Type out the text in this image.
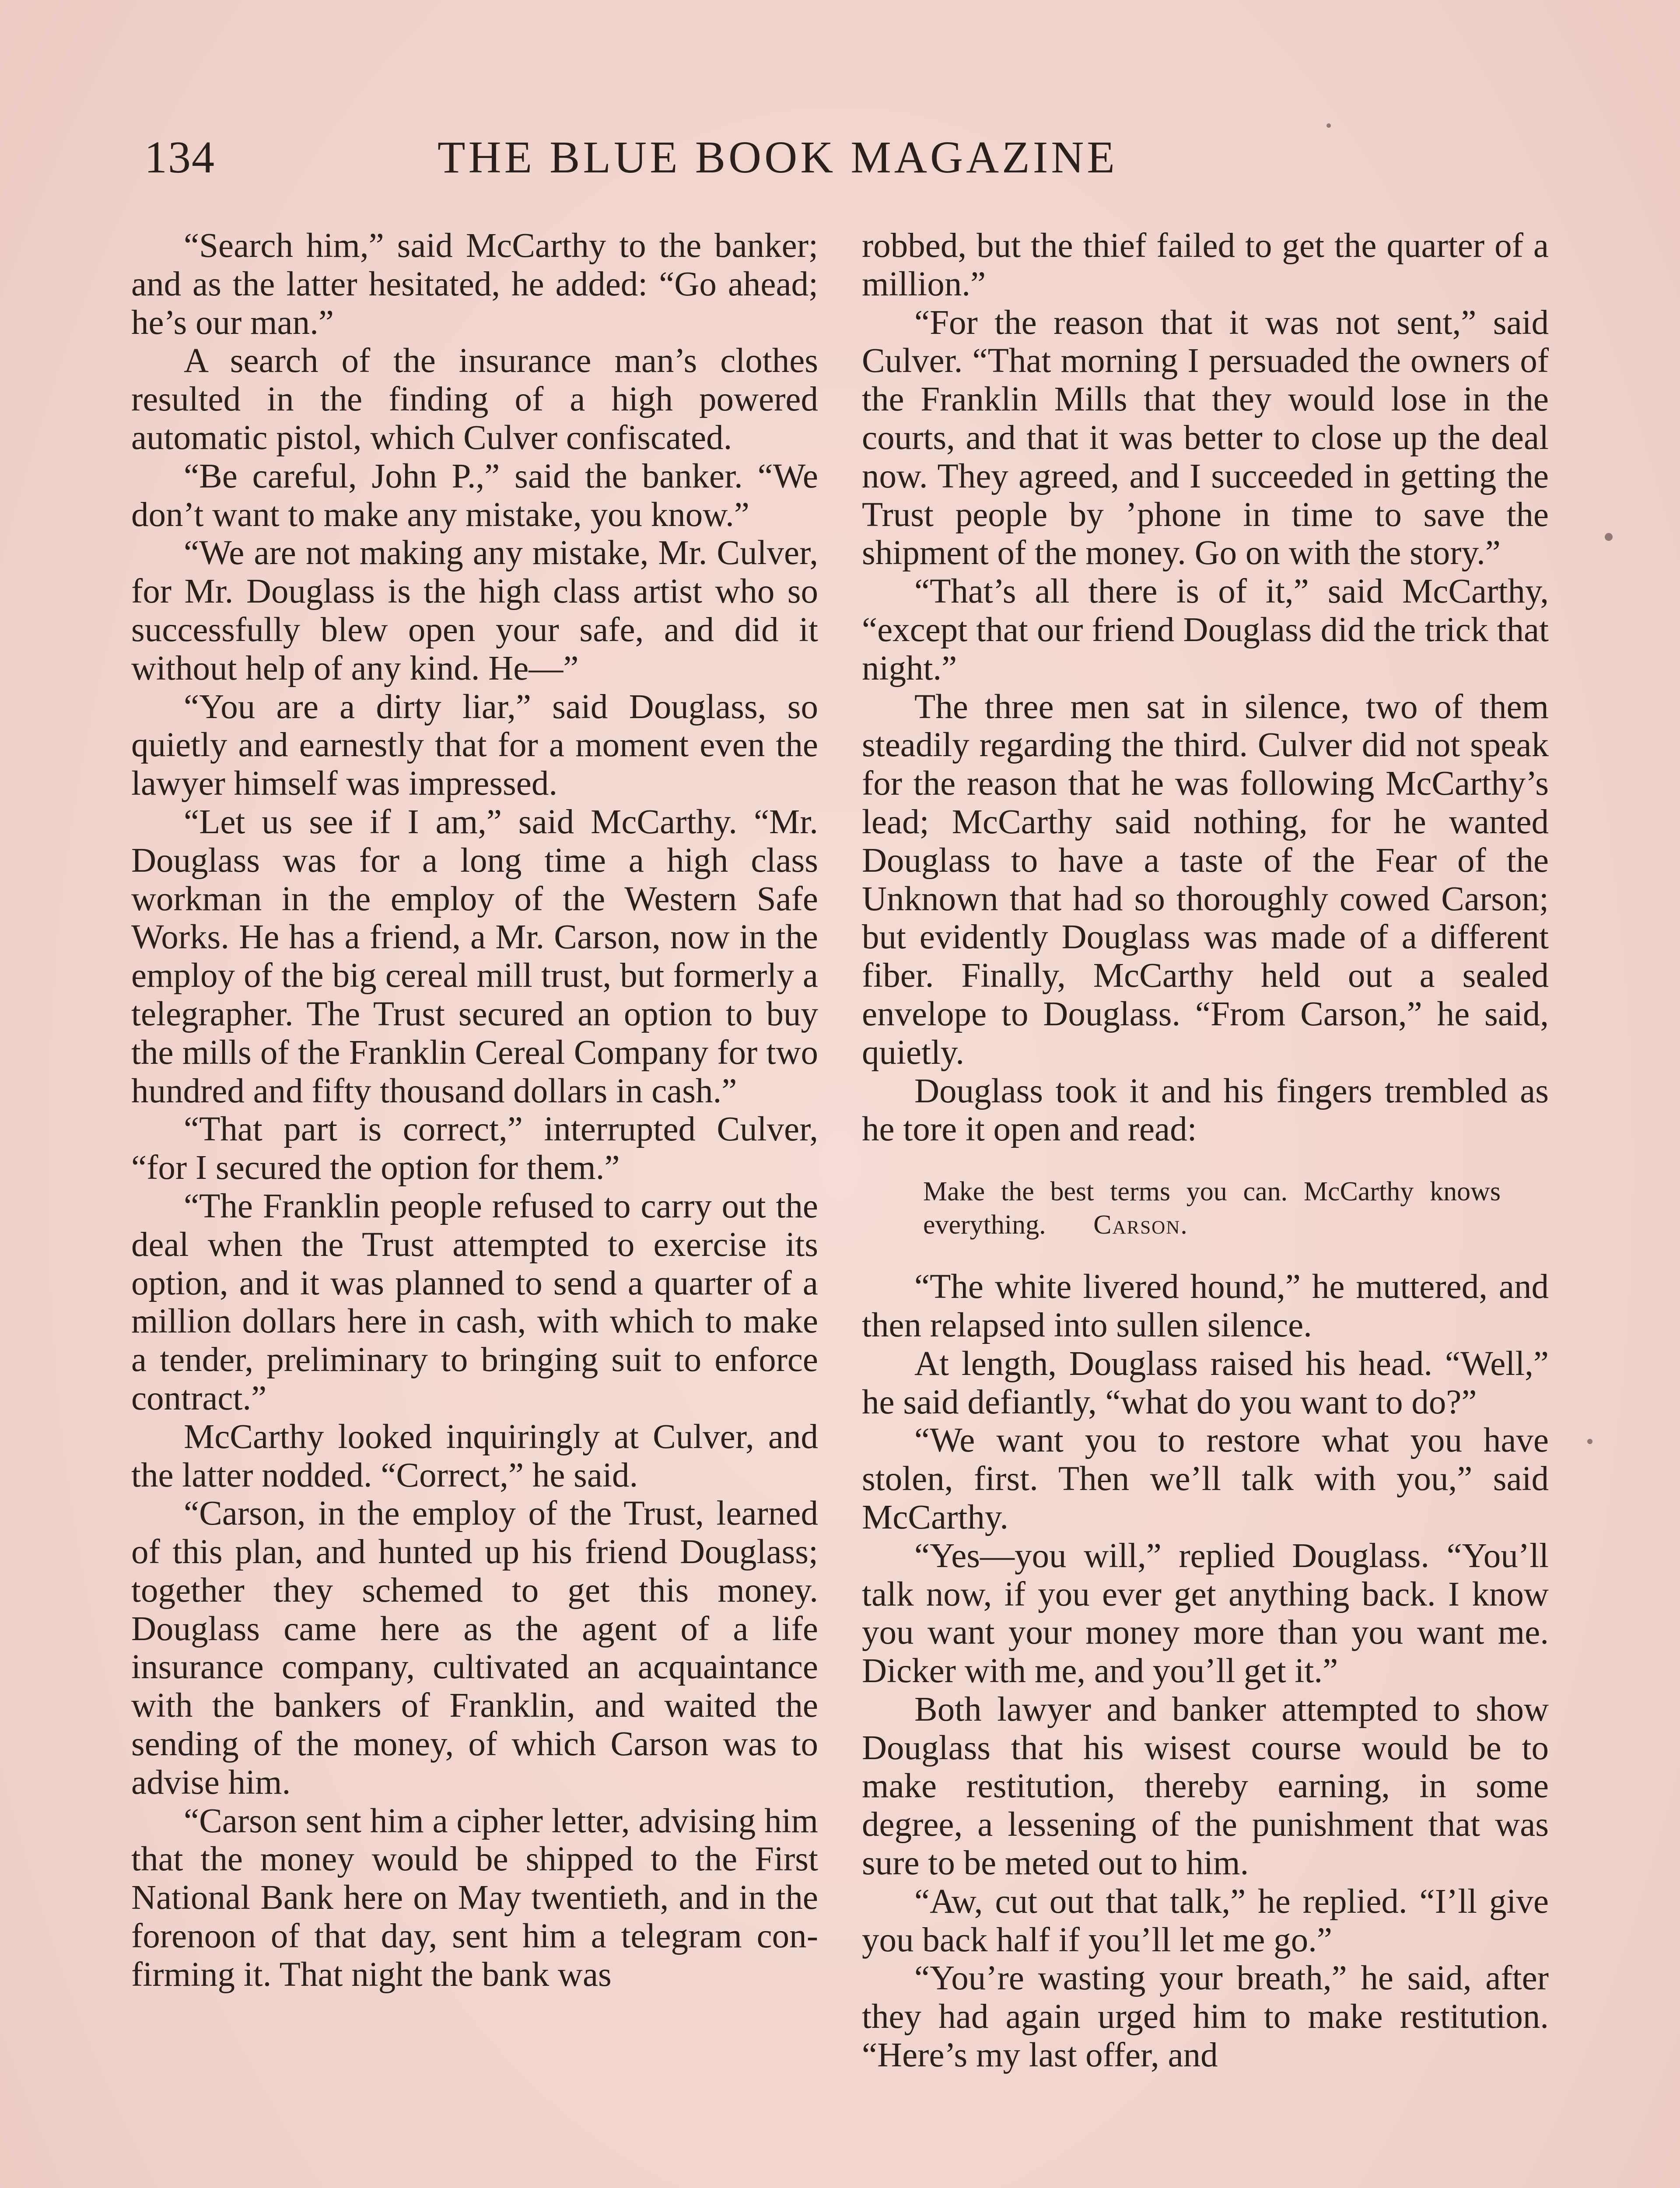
134	THE BLUE BOOK MAGAZINE

“Search him,” said McCarthy to the banker; and as the latter hesitated, he added: “Go ahead; he’s our man.”

A search of the insurance man’s clothes resulted in the finding of a high powered automatic pistol, which Culver confiscated.

“Be careful, John P.,” said the banker. “We don’t want to make any mistake, you know.”

“We are not making any mistake, Mr. Culver, for Mr. Douglass is the high class artist who so successfully blew open your safe, and did it without help of any kind. He—”

“You are a dirty liar,” said Douglass, so quietly and earnestly that for a moment even the lawyer himself was impressed.

“Let us see if I am,” said McCarthy. “Mr. Douglass was for a long time a high class workman in the employ of the Western Safe Works. He has a friend, a Mr. Carson, now in the employ of the big cereal mill trust, but formerly a telegrapher. The Trust secured an option to buy the mills of the Franklin Cereal Company for two hundred and fifty thousand dollars in cash.”

“That part is correct,” interrupted Culver, “for I secured the option for them.”

“The Franklin people refused to carry out the deal when the Trust attempted to exercise its option, and it was planned to send a quarter of a million dollars here in cash, with which to make a tender, preliminary to bringing suit to enforce contract.”

McCarthy looked inquiringly at Culver, and the latter nodded. “Correct,” he said.

“Carson, in the employ of the Trust, learned of this plan, and hunted up his friend Douglass; together they schemed to get this money. Douglass came here as the agent of a life insurance company, cultivated an acquaintance with the bankers of Franklin, and waited the sending of the money, of which Carson was to advise him.

“Carson sent him a cipher letter, advising him that the money would be shipped to the First National Bank here on May twentieth, and in the forenoon of that day, sent him a telegram confirming it. That night the bank was

robbed, but the thief failed to get the quarter of a million.”

“For the reason that it was not sent,” said Culver. “That morning I persuaded the owners of the Franklin Mills that they would lose in the courts, and that it was better to close up the deal now. They agreed, and I succeeded in getting the Trust people by ’phone in time to save the shipment of the money. Go on with the story.”

“That’s all there is of it,” said McCarthy, “except that our friend Douglass did the trick that night.”

The three men sat in silence, two of them steadily regarding the third. Culver did not speak for the reason that he was following McCarthy’s lead; McCarthy said nothing, for he wanted Douglass to have a taste of the Fear of the Unknown that had so thoroughly cowed Carson; but evidently Douglass was made of a different fiber. Finally, McCarthy held out a sealed envelope to Douglass. “From Carson,” he said, quietly.

Douglass took it and his fingers trembled as he tore it open and read:

Make the best terms you can. McCarthy knows everything. Carson.

“The white livered hound,” he muttered, and then relapsed into sullen silence.

At length, Douglass raised his head. “Well,” he said defiantly, “what do you want to do?”

“We want you to restore what you have stolen, first. Then we’ll talk with you,” said McCarthy.

“Yes—you will,” replied Douglass. “You’ll talk now, if you ever get anything back. I know you want your money more than you want me. Dicker with me, and you’ll get it.”

Both lawyer and banker attempted to show Douglass that his wisest course would be to make restitution, thereby earning, in some degree, a lessening of the punishment that was sure to be meted out to him.

“Aw, cut out that talk,” he replied. “I’ll give you back half if you’ll let me go.”

“You’re wasting your breath,” he said, after they had again urged him to make restitution. “Here’s my last offer, and
